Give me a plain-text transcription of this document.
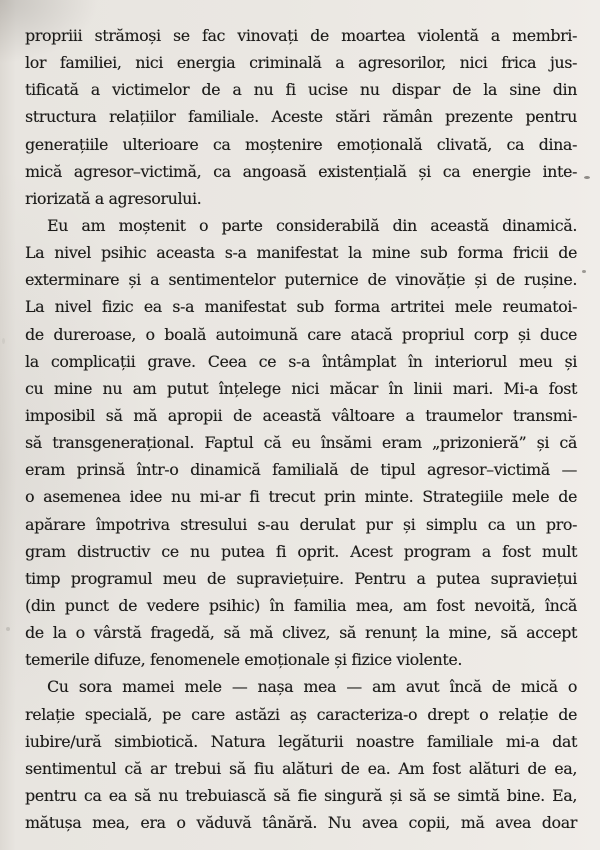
propriii strămoși se fac vinovați de moartea violentă a membri-

lor familiei, nici energia criminală a agresorilor, nici frica jus-

tificată a victimelor de a nu fi ucise nu dispar de la sine din

structura relațiilor familiale. Aceste stări rămân prezente pentru

generațiile ulterioare ca moștenire emoțională clivată, ca dina-

mică agresor–victimă, ca angoasă existențială și ca energie inte-

riorizată a agresorului.

Eu am moștenit o parte considerabilă din această dinamică.

La nivel psihic aceasta s-a manifestat la mine sub forma fricii de

exterminare și a sentimentelor puternice de vinovăție și de rușine.

La nivel fizic ea s-a manifestat sub forma artritei mele reumatoi-

de dureroase, o boală autoimună care atacă propriul corp și duce

la complicații grave. Ceea ce s-a întâmplat în interiorul meu și

cu mine nu am putut înțelege nici măcar în linii mari. Mi-a fost

imposibil să mă apropii de această vâltoare a traumelor transmi-

să transgenerațional. Faptul că eu însămi eram „prizonieră” și că

eram prinsă într-o dinamică familială de tipul agresor–victimă —

o asemenea idee nu mi-ar fi trecut prin minte. Strategiile mele de

apărare împotriva stresului s-au derulat pur și simplu ca un pro-

gram distructiv ce nu putea fi oprit. Acest program a fost mult

timp programul meu de supraviețuire. Pentru a putea supraviețui

(din punct de vedere psihic) în familia mea, am fost nevoită, încă

de la o vârstă fragedă, să mă clivez, să renunț la mine, să accept

temerile difuze, fenomenele emoționale și fizice violente.

Cu sora mamei mele — nașa mea — am avut încă de mică o

relație specială, pe care astăzi aș caracteriza-o drept o relație de

iubire/ură simbiotică. Natura legăturii noastre familiale mi-a dat

sentimentul că ar trebui să fiu alături de ea. Am fost alături de ea,

pentru ca ea să nu trebuiască să fie singură și să se simtă bine. Ea,

mătușa mea, era o văduvă tânără. Nu avea copii, mă avea doar
